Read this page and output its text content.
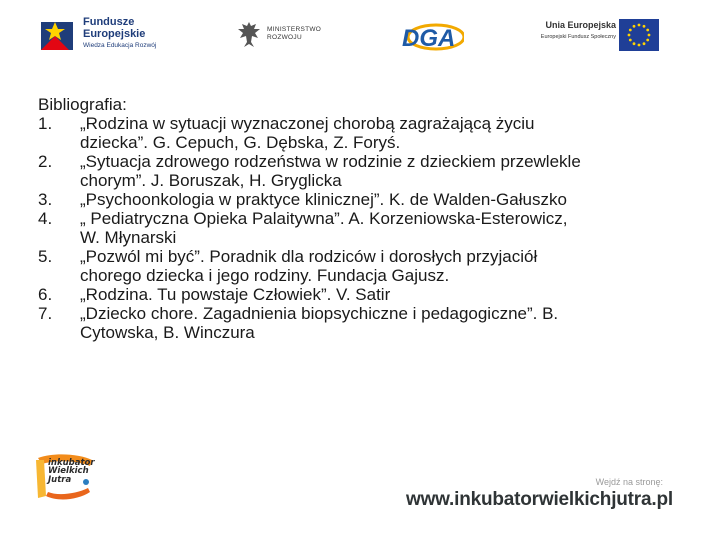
Fundusze Europejskie
Wiedza Edukacja Rozwój
MINISTERSTWO ROZWOJU	DGA	Unia Europejska
Europejski Fundusz Społeczny

Bibliografia:

1. „Rodzina w sytuacji wyznaczonej chorobą zagrażającą życiu
dziecka”. G. Cepuch, G. Dębska, Z. Foryś.
2. „Sytuacja zdrowego rodzeństwa w rodzinie z dzieckiem przewlekle
chorym”. J. Boruszak, H. Gryglicka
3. „Psychoonkologia w praktyce klinicznej”. K. de Walden-Gałuszko
4. „ Pediatryczna Opieka Palaitywna”. A. Korzeniowska-Esterowicz,
W. Młynarski
5. „Pozwól mi być”. Poradnik dla rodziców i dorosłych przyjaciół
chorego dziecka i jego rodziny. Fundacja Gajusz.
6. „Rodzina. Tu powstaje Człowiek”. V. Satir
7. „Dziecko chore. Zagadnienia biopsychiczne i pedagogiczne”. B.
Cytowska, B. Winczura
inkubator
Wielkich
Jutra	Wejdź na stronę:
www.inkubatorwielkichjutra.pl
